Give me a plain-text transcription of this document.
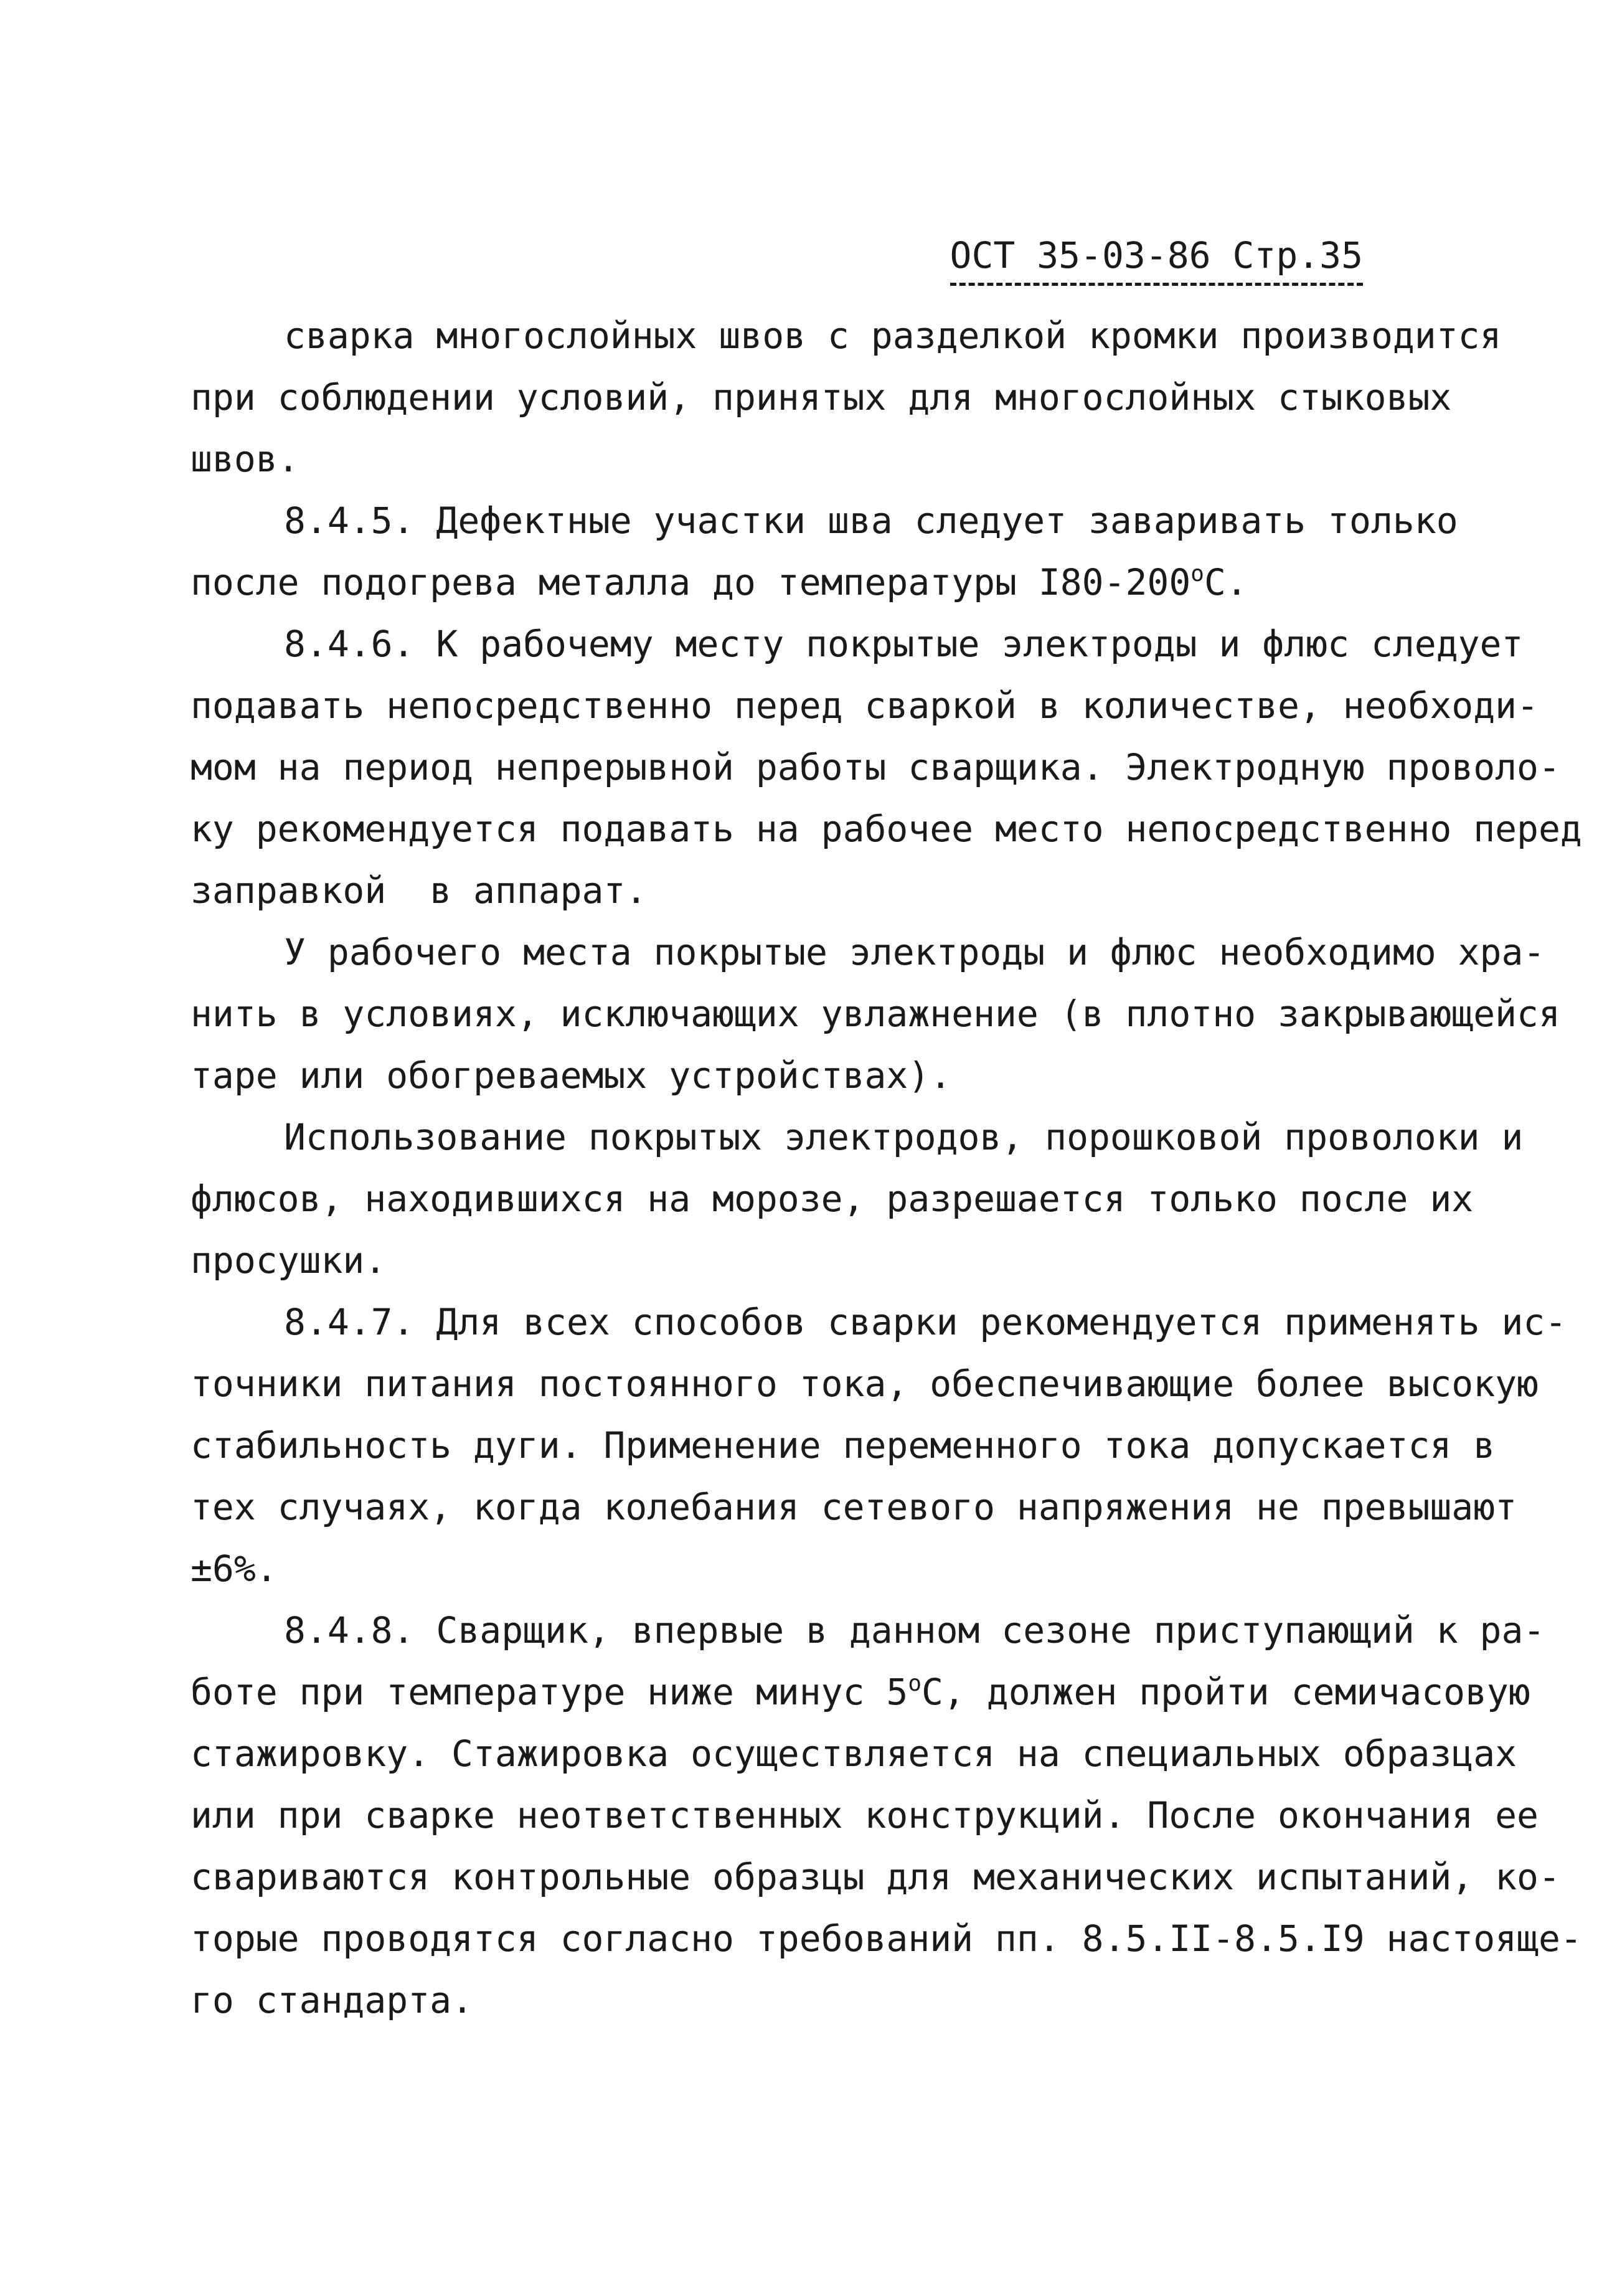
ОСТ 35-03-86 Стр.35
сварка многослойных швов с разделкой кромки производится
при соблюдении условий, принятых для многослойных стыковых
швов.
8.4.5. Дефектные участки шва следует заваривать только
после подогрева металла до температуры I80-200$^o$C.
8.4.6. К рабочему месту покрытые электроды и флюс следует
подавать непосредственно перед сваркой в количестве, необходи-
мом на период непрерывной работы сварщика. Электродную проволо-
ку рекомендуется подавать на рабочее место непосредственно перед
заправкой  в аппарат.
У рабочего места покрытые электроды и флюс необходимо хра-
нить в условиях, исключающих увлажнение (в плотно закрывающейся
таре или обогреваемых устройствах).
Использование покрытых электродов, порошковой проволоки и
флюсов, находившихся на морозе, разрешается только после их
просушки.
8.4.7. Для всех способов сварки рекомендуется применять ис-
точники питания постоянного тока, обеспечивающие более высокую
стабильность дуги. Применение переменного тока допускается в
тех случаях, когда колебания сетевого напряжения не превышают
±6%.
8.4.8. Сварщик, впервые в данном сезоне приступающий к ра-
боте при температуре ниже минус 5$^o$C, должен пройти семичасовую
стажировку. Стажировка осуществляется на специальных образцах
или при сварке неответственных конструкций. После окончания ее
свариваются контрольные образцы для механических испытаний, ко-
торые проводятся согласно требований пп. 8.5.II-8.5.I9 настояще-
го стандарта.
